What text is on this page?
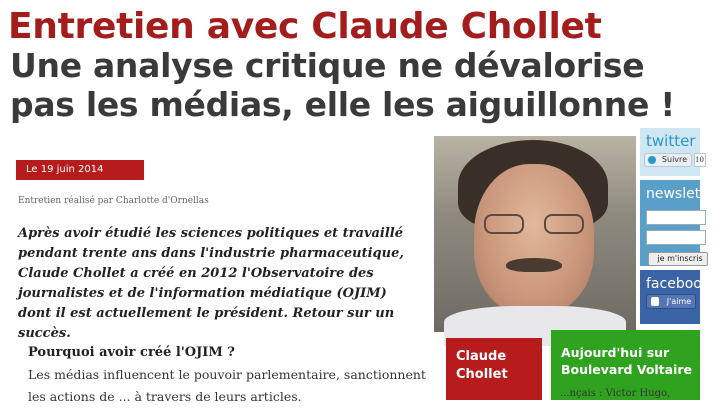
Entretien avec Claude Chollet
Une analyse critique ne dévalorise pas les médias, elle les aiguillonne !
Le 19 juin 2014
Entretien réalisé par Charlotte d'Ornellas

Après avoir étudié les sciences politiques et travaillé pendant trente ans dans l'industrie pharmaceutique, Claude Chollet a créé en 2012 l'Observatoire des journalistes et de l'information médiatique (OJIM) dont il est actuellement le président. Retour sur un succès.

Pourquoi avoir créé l'OJIM ?

Les médias influencent le pouvoir parlementaire, sanctionnent les actions de ... à travers de leurs articles.

Claude Chollet
Aujourd'hui sur Boulevard Voltaire
...nçais : Victor Hugo,
twitter
Suivre	10
newsletter
je m'inscris
facebook
J'aime
